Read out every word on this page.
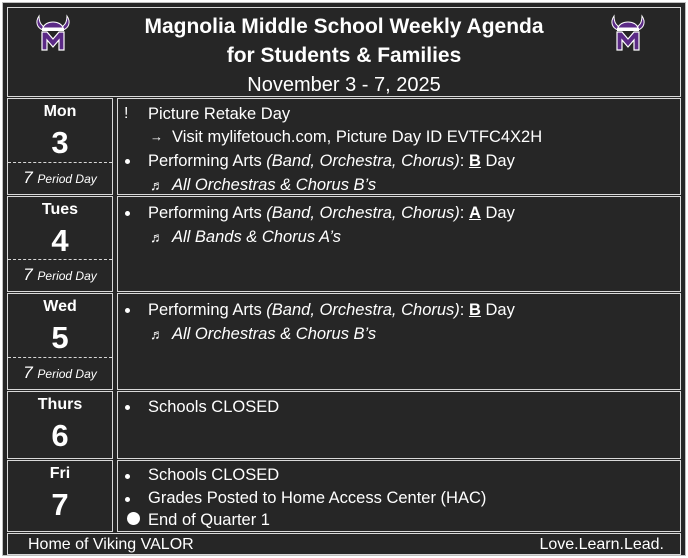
Magnolia Middle School Weekly Agenda
for Students & Families
November 3 - 7, 2025
Mon
3
7 Period Day
! Picture Retake Day
→ Visit mylifetouch.com, Picture Day ID EVTFC4X2H
Performing Arts (Band, Orchestra, Chorus): B Day
♬ All Orchestras & Chorus B’s
Tues
4
7 Period Day
Performing Arts (Band, Orchestra, Chorus): A Day
♬ All Bands & Chorus A’s
Wed
5
7 Period Day
Performing Arts (Band, Orchestra, Chorus): B Day
♬ All Orchestras & Chorus B’s
Thurs
6
Schools CLOSED
Fri
7
Schools CLOSED
Grades Posted to Home Access Center (HAC)
End of Quarter 1
Home of Viking VALOR	Love.Learn.Lead.
